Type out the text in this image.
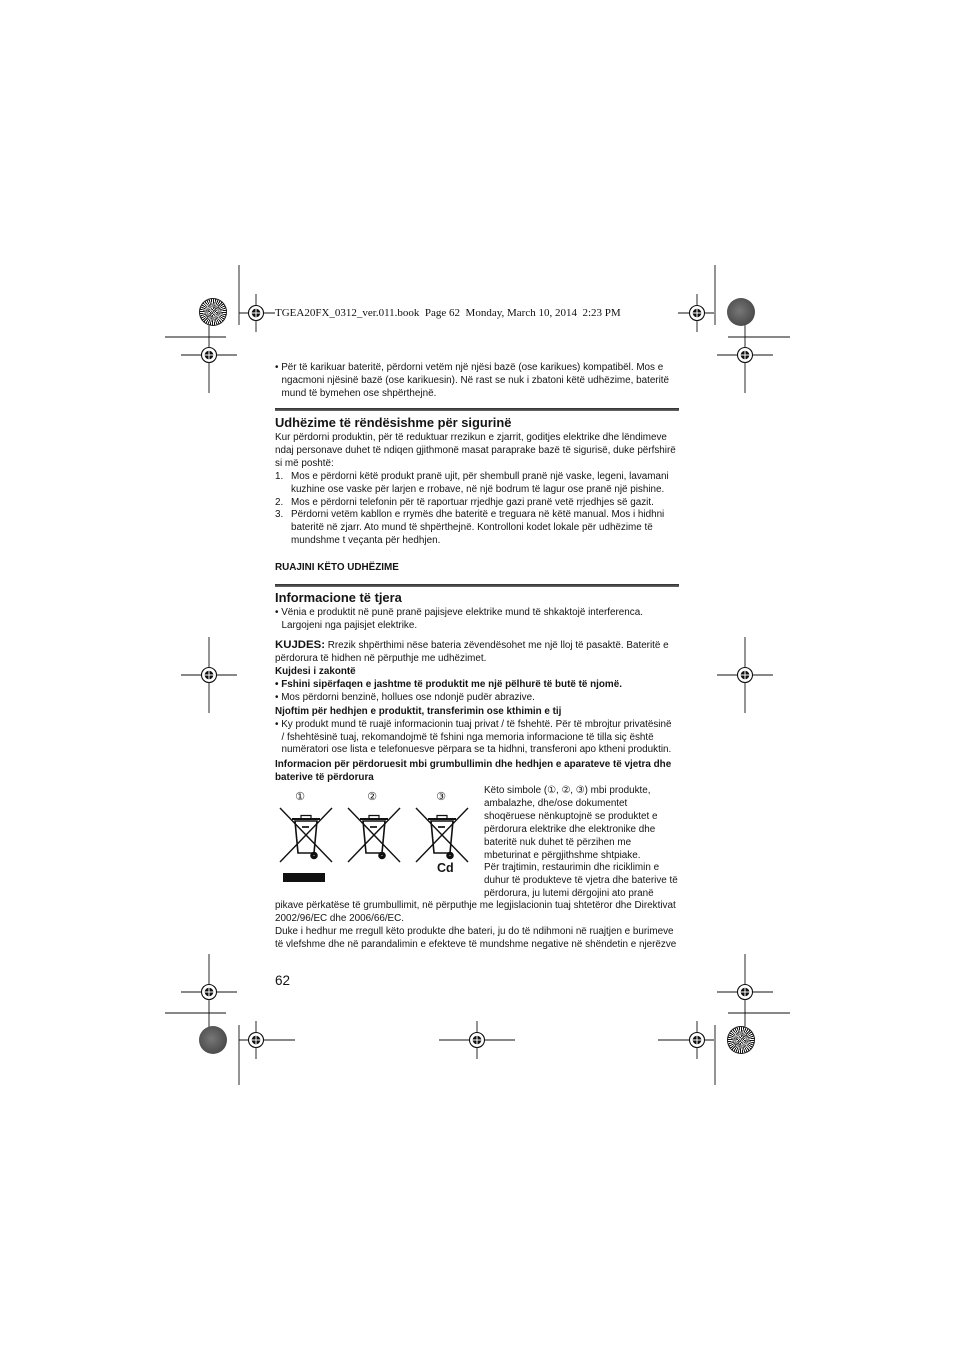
TGEA20FX_0312_ver.011.book  Page 62  Monday, March 10, 2014  2:23 PM
• Për të karikuar bateritë, përdorni vetëm një njësi bazë (ose karikues) kompatibël. Mos e
ngacmoni njësinë bazë (ose karikuesin). Në rast se nuk i zbatoni këtë udhëzime, bateritë
mund të bymehen ose shpërthejnë.
Udhëzime të rëndësishme për sigurinë
Kur përdorni produktin, për të reduktuar rrezikun e zjarrit, goditjes elektrike dhe lëndimeve
ndaj personave duhet të ndiqen gjithmonë masat paraprake bazë të sigurisë, duke përfshirë
si më poshtë:
1. Mos e përdorni këtë produkt pranë ujit, për shembull pranë një vaske, legeni, lavamani
kuzhine ose vaske për larjen e rrobave, në një bodrum të lagur ose pranë një pishine.
2. Mos e përdorni telefonin për të raportuar rrjedhje gazi pranë vetë rrjedhjes së gazit.
3. Përdorni vetëm kabllon e rrymës dhe bateritë e treguara në këtë manual. Mos i hidhni
bateritë në zjarr. Ato mund të shpërthejnë. Kontrolloni kodet lokale për udhëzime të
mundshme t veçanta për hedhjen.
RUAJINI KËTO UDHËZIME
Informacione të tjera
• Vënia e produktit në punë pranë pajisjeve elektrike mund të shkaktojë interferenca.
Largojeni nga pajisjet elektrike.
KUJDES: Rrezik shpërthimi nëse bateria zëvendësohet me një lloj të pasaktë. Bateritë e
përdorura të hidhen në përputhje me udhëzimet.
Kujdesi i zakontë
• Fshini sipërfaqen e jashtme të produktit me një pëlhurë të butë të njomë.
• Mos përdorni benzinë, hollues ose ndonjë pudër abrazive.
Njoftim për hedhjen e produktit, transferimin ose kthimin e tij
• Ky produkt mund të ruajë informacionin tuaj privat / të fshehtë. Për të mbrojtur privatësinë
/ fshehtësinë tuaj, rekomandojmë të fshini nga memoria informacione të tilla siç është
numëratori ose lista e telefonuesve përpara se ta hidhni, transferoni apo ktheni produktin.
Informacion për përdoruesit mbi grumbullimin dhe hedhjen e aparateve të vjetra dhe
baterive të përdorura
①	②	③
Cd
Këto simbole (①, ②, ③) mbi produkte,
ambalazhe, dhe/ose dokumentet
shoqëruese nënkuptojnë se produktet e
përdorura elektrike dhe elektronike dhe
bateritë nuk duhet të përzihen me
mbeturinat e përgjithshme shtpiake.
Për trajtimin, restaurimin dhe riciklimin e
duhur të produkteve të vjetra dhe baterive të
përdorura, ju lutemi dërgojini ato pranë
pikave përkatëse të grumbullimit, në përputhje me legjislacionin tuaj shtetëror dhe Direktivat
2002/96/EC dhe 2006/66/EC.
Duke i hedhur me rregull këto produkte dhe bateri, ju do të ndihmoni në ruajtjen e burimeve
të vlefshme dhe në parandalimin e efekteve të mundshme negative në shëndetin e njerëzve
62
